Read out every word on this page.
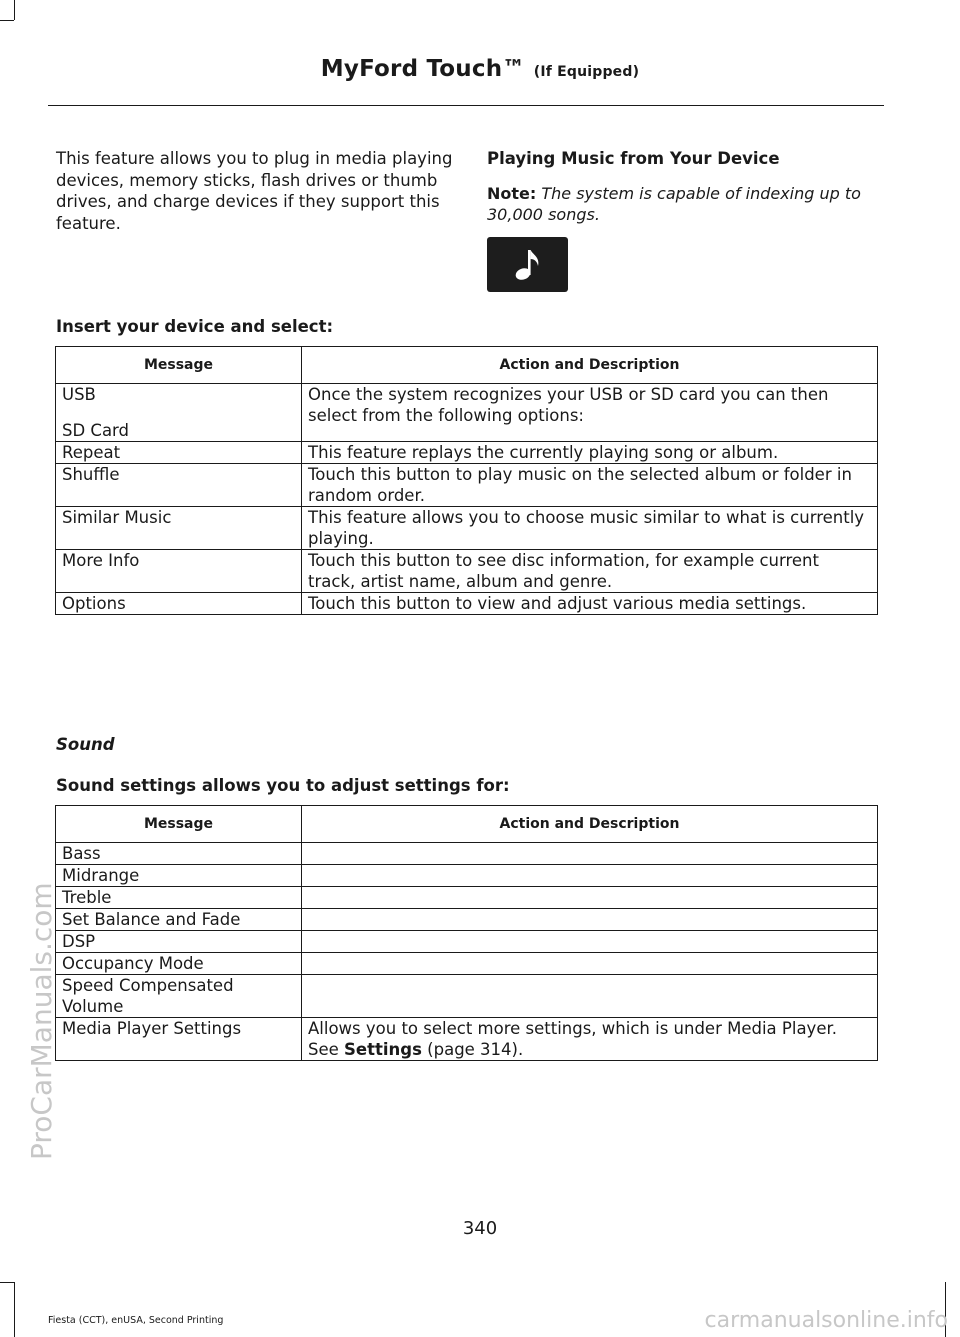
MyFord Touch™ (If Equipped)

This feature allows you to plug in media playing devices, memory sticks, flash drives or thumb drives, and charge devices if they support this feature.

Playing Music from Your Device

Note: The system is capable of indexing up to 30,000 songs.

Insert your device and select:

Message	Action and Description

USB
SD Card	Once the system recognizes your USB or SD card you can then select from the following options:
Repeat	This feature replays the currently playing song or album.
Shuffle	Touch this button to play music on the selected album or folder in random order.
Similar Music	This feature allows you to choose music similar to what is currently playing.
More Info	Touch this button to see disc information, for example current track, artist name, album and genre.
Options	Touch this button to view and adjust various media settings.

Sound

Sound settings allows you to adjust settings for:

Message	Action and Description
Bass	
Midrange	
Treble	
Set Balance and Fade	
DSP	
Occupancy Mode	
Speed Compensated Volume	
Media Player Settings	Allows you to select more settings, which is under Media Player. See Settings (page 314).
340
Fiesta (CCT), enUSA, Second Printing
ProCarManuals.com
carmanualsonline.info
